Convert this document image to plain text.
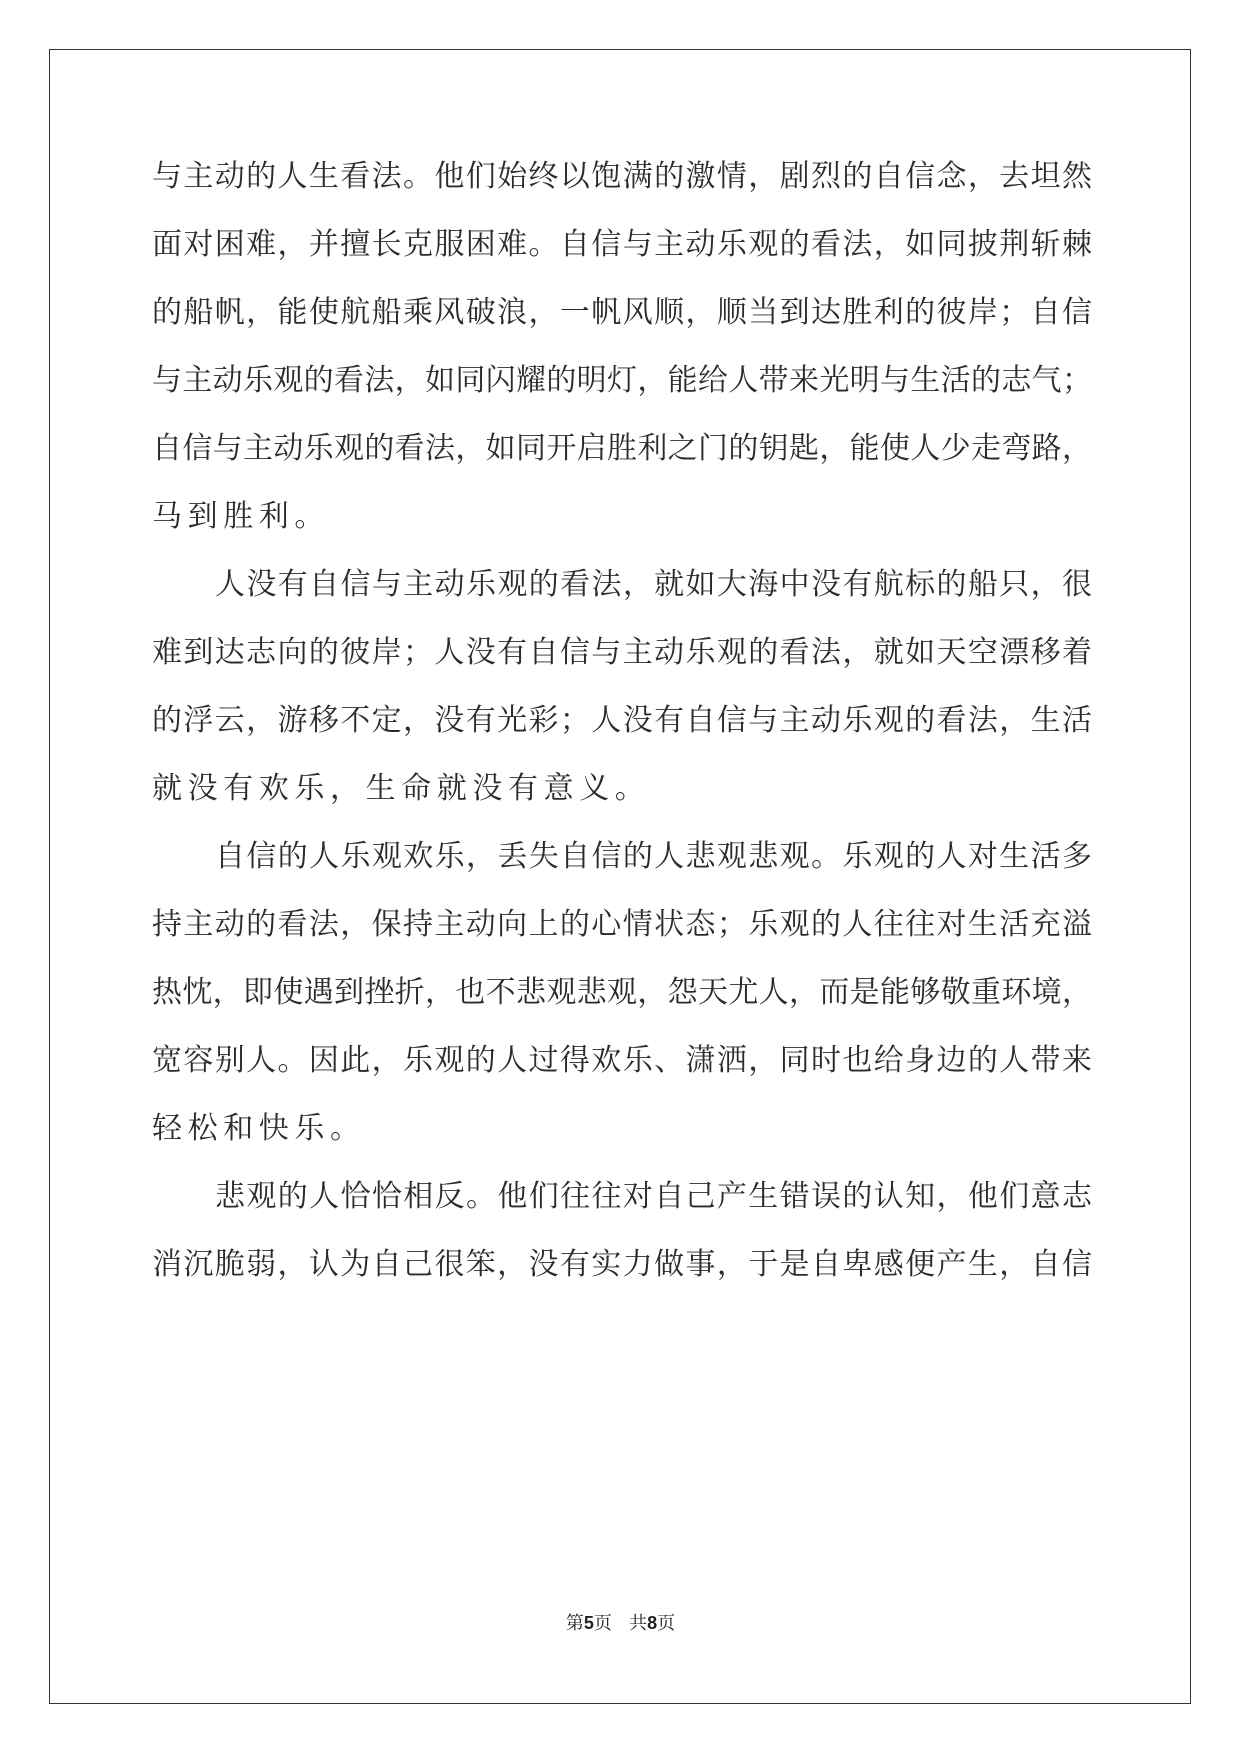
与主动的人生看法。他们始终以饱满的激情，剧烈的自信念，去坦然
面对困难，并擅长克服困难。自信与主动乐观的看法，如同披荆斩棘
的船帆，能使航船乘风破浪，一帆风顺，顺当到达胜利的彼岸；自信
与主动乐观的看法，如同闪耀的明灯，能给人带来光明与生活的志气；
自信与主动乐观的看法，如同开启胜利之门的钥匙，能使人少走弯路，
马到胜利。
人没有自信与主动乐观的看法，就如大海中没有航标的船只，很
难到达志向的彼岸；人没有自信与主动乐观的看法，就如天空漂移着
的浮云，游移不定，没有光彩；人没有自信与主动乐观的看法，生活
就没有欢乐，生命就没有意义。
自信的人乐观欢乐，丢失自信的人悲观悲观。乐观的人对生活多
持主动的看法，保持主动向上的心情状态；乐观的人往往对生活充溢
热忱，即使遇到挫折，也不悲观悲观，怨天尤人，而是能够敬重环境，
宽容别人。因此，乐观的人过得欢乐、潇洒，同时也给身边的人带来
轻松和快乐。
悲观的人恰恰相反。他们往往对自己产生错误的认知，他们意志
消沉脆弱，认为自己很笨，没有实力做事，于是自卑感便产生，自信
第5页   共8页
